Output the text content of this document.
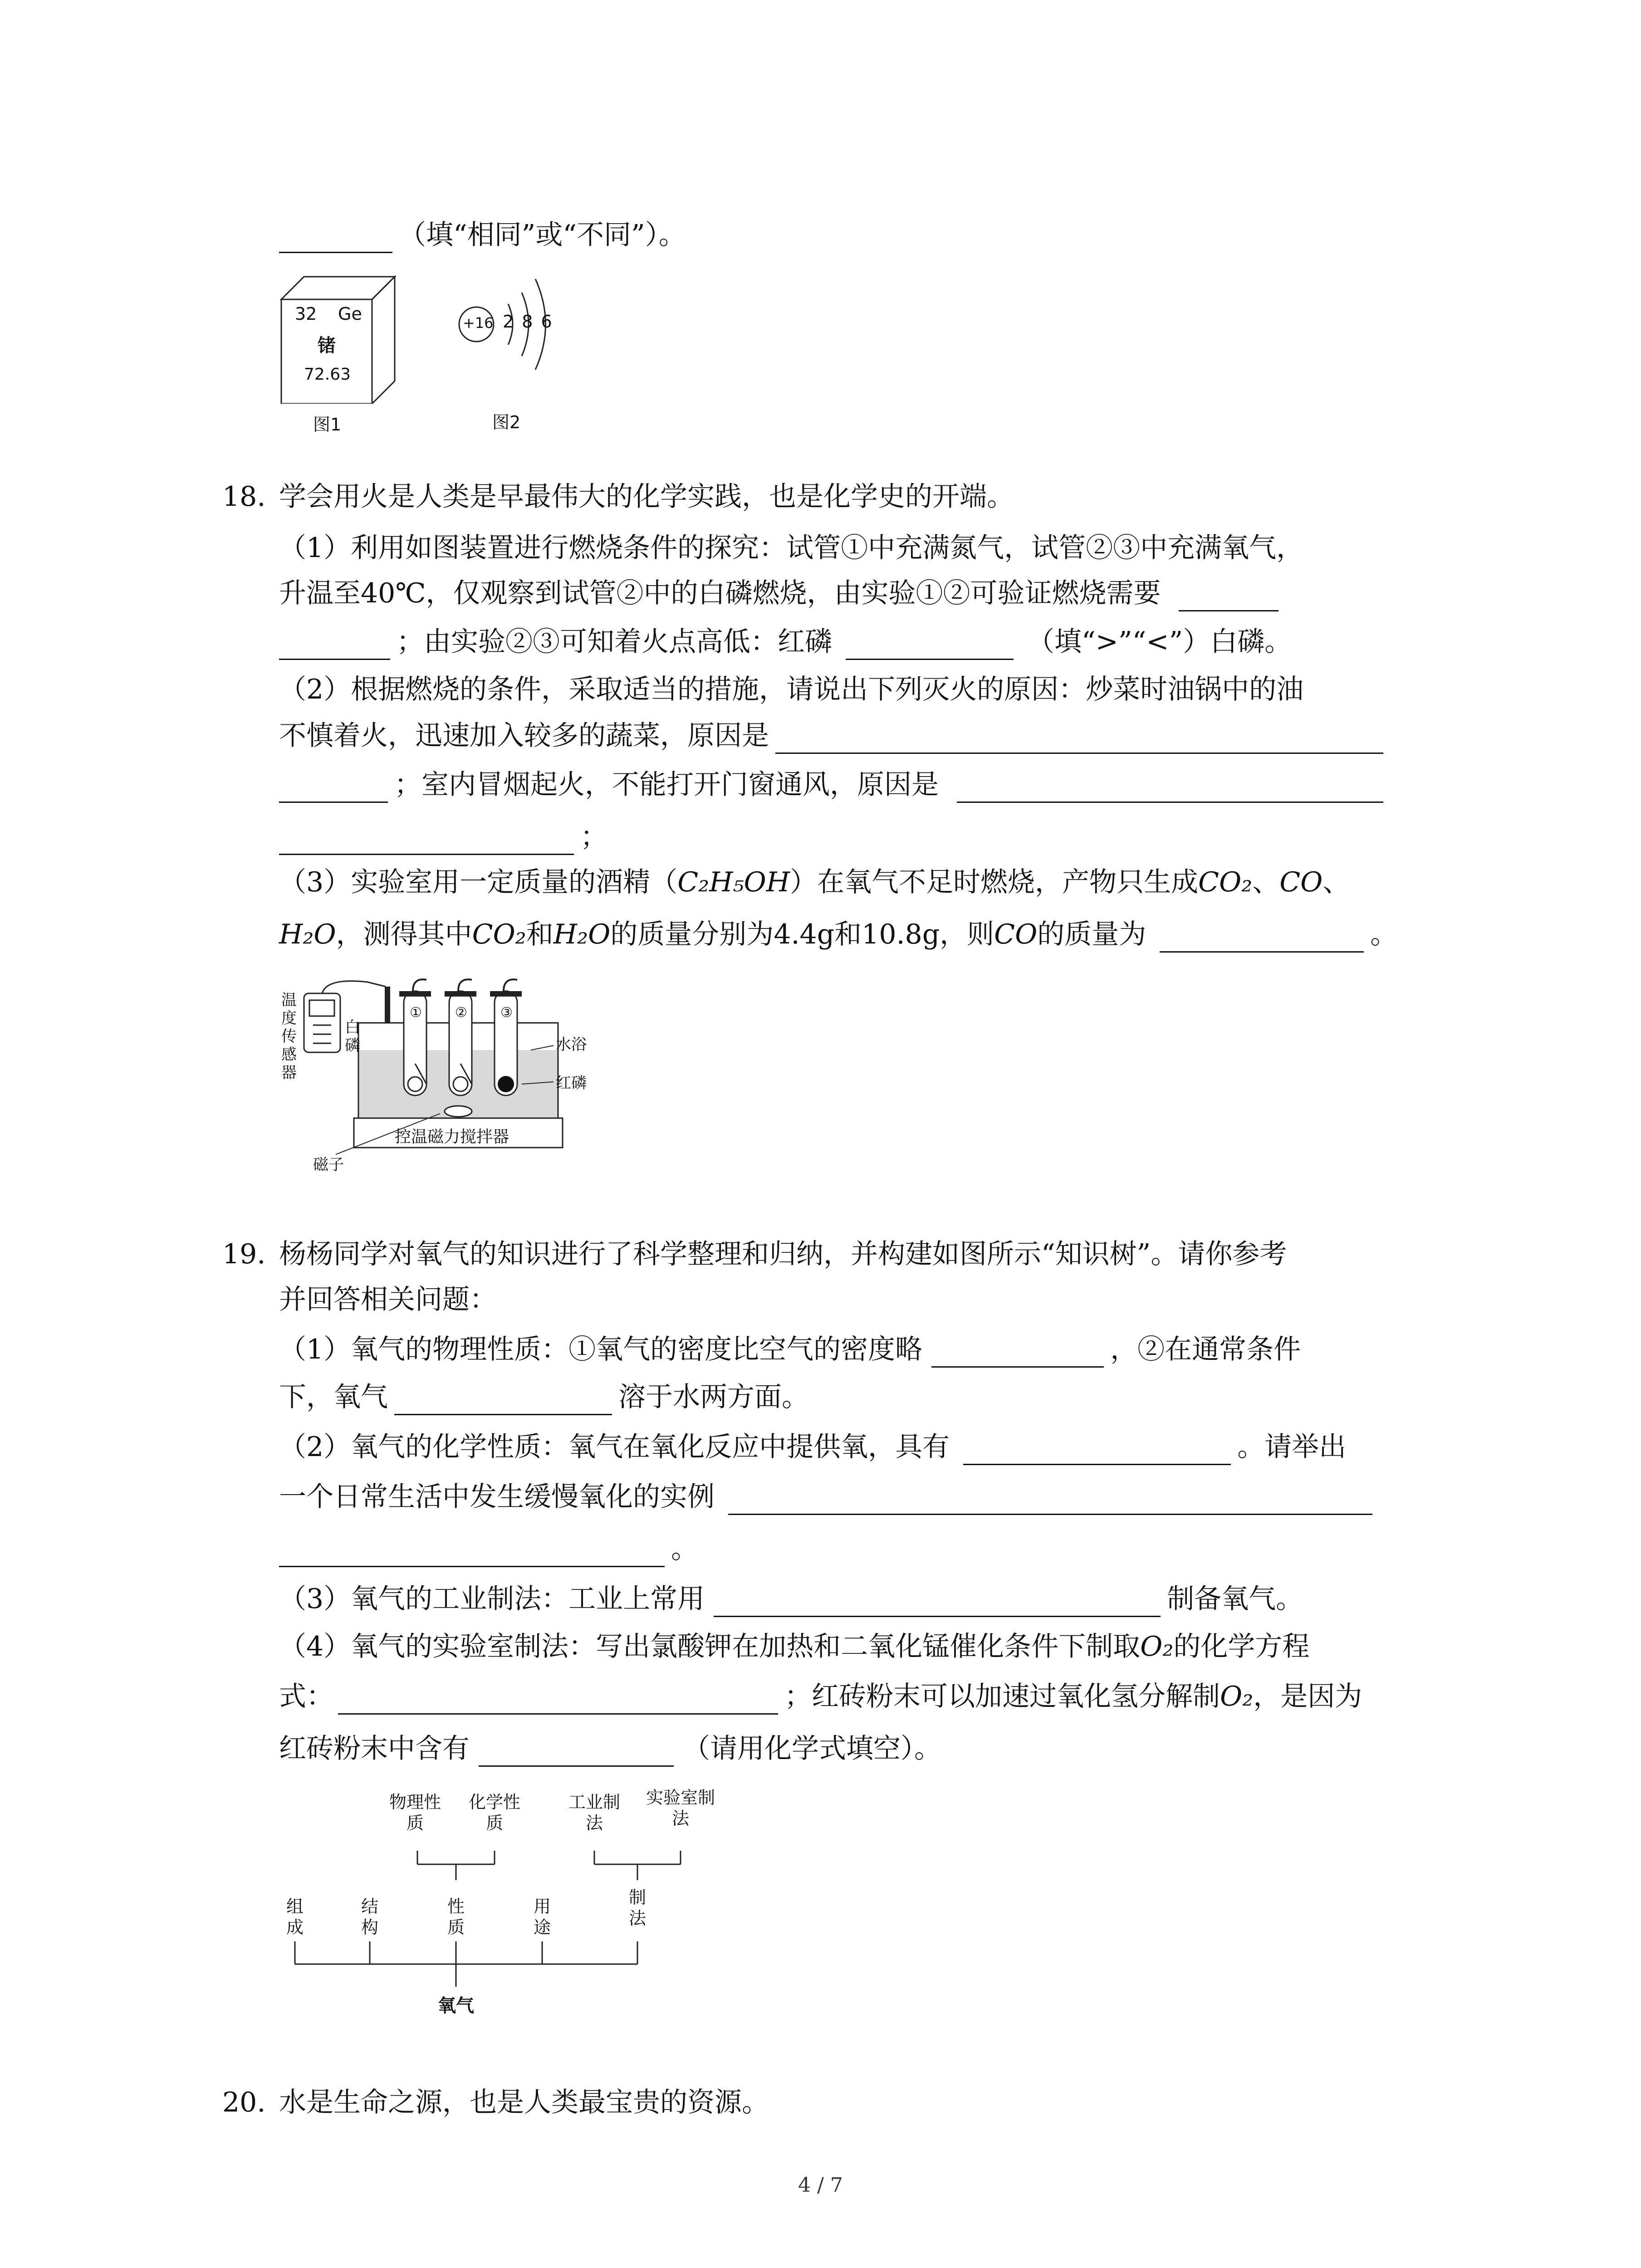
（填“相同”或“不同”）。
32 Ge
锗
72.63
图1
+16 2 8 6
图2
18. 学会用火是人类是早最伟大的化学实践，也是化学史的开端。
（1）利用如图装置进行燃烧条件的探究：试管①中充满氮气，试管②③中充满氧气，
升温至40℃，仅观察到试管②中的白磷燃烧，由实验①②可验证燃烧需要
；由实验②③可知着火点高低：红磷	（填“>”“<”）白磷。
（2）根据燃烧的条件，采取适当的措施，请说出下列灭火的原因：炒菜时油锅中的油
不慎着火，迅速加入较多的蔬菜，原因是
；室内冒烟起火，不能打开门窗通风，原因是
；
（3）实验室用一定质量的酒精（C₂H₅OH）在氧气不足时燃烧，产物只生成CO₂、CO、
H₂O，测得其中CO₂和H₂O的质量分别为4.4g和10.8g，则CO的质量为	。
温度传感器
白磷
① ② ③
水浴
红磷
控温磁力搅拌器
磁子
19. 杨杨同学对氧气的知识进行了科学整理和归纳，并构建如图所示“知识树”。请你参考
并回答相关问题：
（1）氧气的物理性质：①氧气的密度比空气的密度略	，②在通常条件
下，氧气	溶于水两方面。
（2）氧气的化学性质：氧气在氧化反应中提供氧，具有	。请举出
一个日常生活中发生缓慢氧化的实例
。
（3）氧气的工业制法：工业上常用	制备氧气。
（4）氧气的实验室制法：写出氯酸钾在加热和二氧化锰催化条件下制取O₂的化学方程
式：	；红砖粉末可以加速过氧化氢分解制O₂，是因为
红砖粉末中含有	（请用化学式填空）。
物理性质
化学性质
工业制法
实验室制法
组成
结构
性质
用途
制法
氧气
20. 水是生命之源，也是人类最宝贵的资源。
4 / 7
